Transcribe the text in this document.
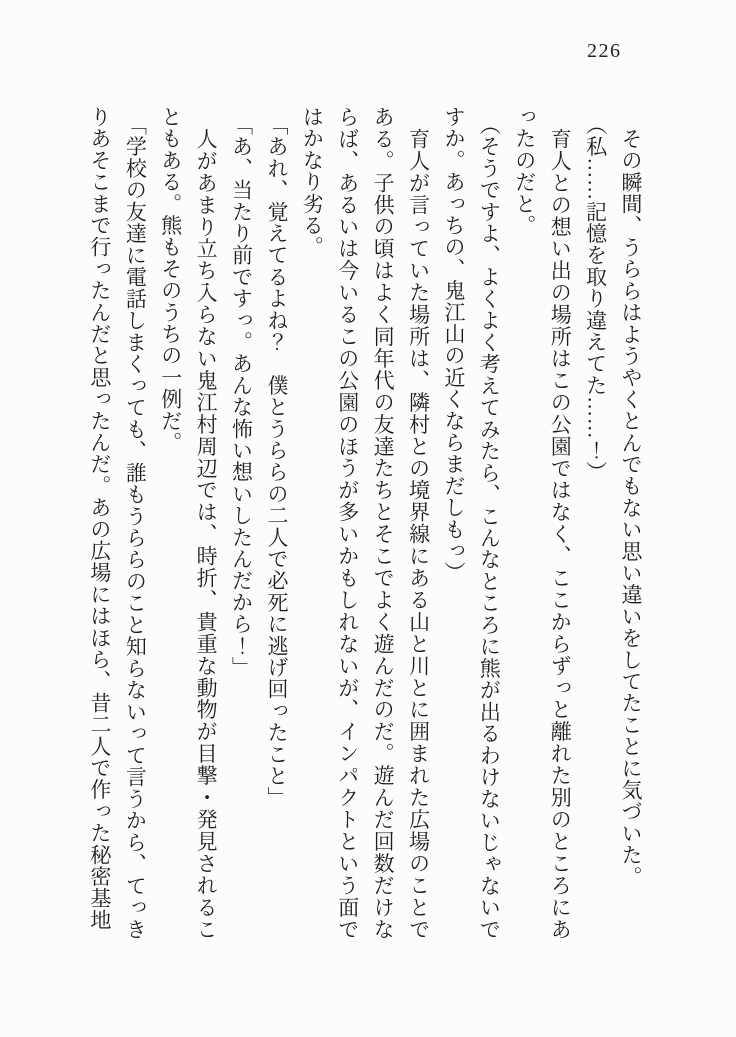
226

その瞬間、うららはようやくとんでもない思い違いをしてたことに気づいた。

（私……記憶を取り違えてた……！）

育人との想い出の場所はこの公園ではなく、ここからずっと離れた別のところにあったのだと。

（そうですよ、よくよく考えてみたら、こんなところに熊が出るわけないじゃないですか。あっちの、鬼江山の近くならまだしもっ）

育人が言っていた場所は、隣村との境界線にある山と川とに囲まれた広場のことである。子供の頃はよく同年代の友達たちとそこでよく遊んだのだ。遊んだ回数だけならば、あるいは今いるこの公園のほうが多いかもしれないが、インパクトという面ではかなり劣る。

「あれ、覚えてるよね？　僕とうららの二人で必死に逃げ回ったこと」

「あ、当たり前ですっ。あんな怖い想いしたんだから！」

人があまり立ち入らない鬼江村周辺では、時折、貴重な動物が目撃・発見されることもある。熊もそのうちの一例だ。

「学校の友達に電話しまくっても、誰もうららのこと知らないって言うから、てっきりあそこまで行ったんだと思ったんだ。あの広場にはほら、昔二人で作った秘密基地
